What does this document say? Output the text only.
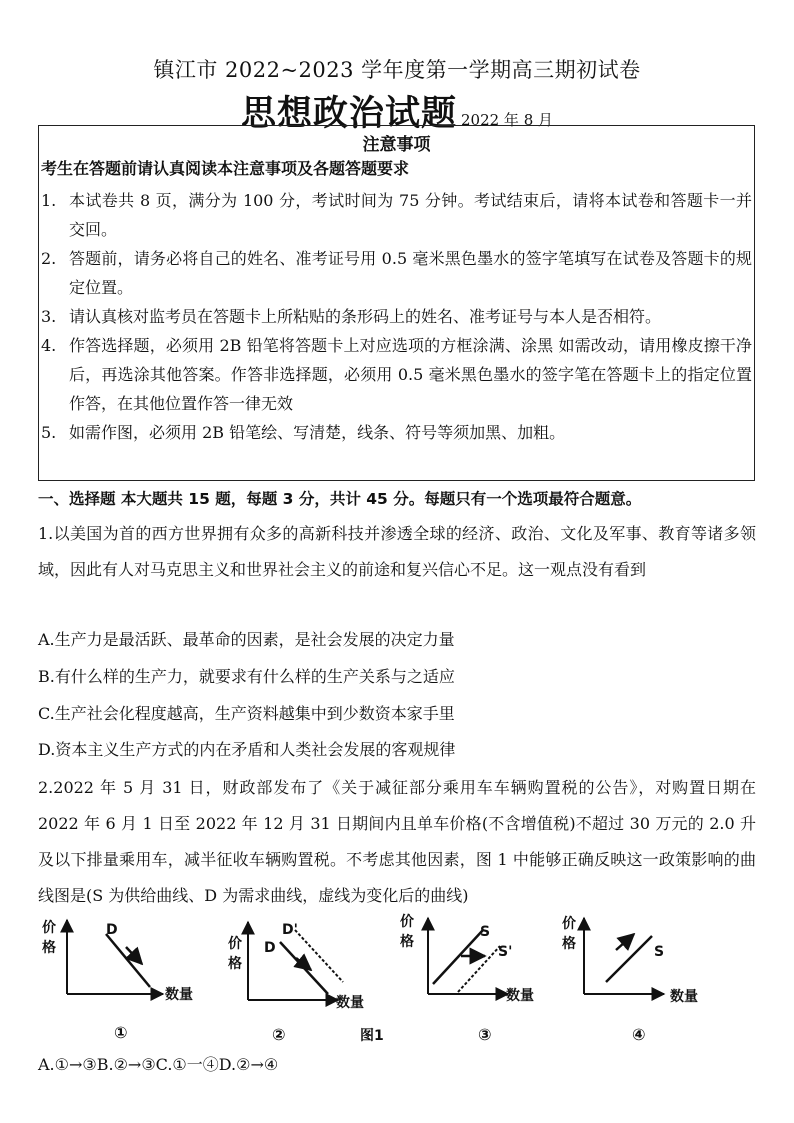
镇江市 2022~2023 学年度第一学期高三期初试卷
思想政治试题 2022 年 8 月
注意事项
考生在答题前请认真阅读本注意事项及各题答题要求
1. 本试卷共 8 页，满分为 100 分，考试时间为 75 分钟。考试结束后，请将本试卷和答题卡一并交回。
2. 答题前，请务必将自己的姓名、准考证号用 0.5 毫米黑色墨水的签字笔填写在试卷及答题卡的规定位置。
3. 请认真核对监考员在答题卡上所粘贴的条形码上的姓名、准考证号与本人是否相符。
4. 作答选择题，必须用 2B 铅笔将答题卡上对应选项的方框涂满、涂黑 如需改动，请用橡皮擦干净后，再选涂其他答案。作答非选择题，必须用 0.5 毫米黑色墨水的签字笔在答题卡上的指定位置作答，在其他位置作答一律无效
5. 如需作图，必须用 2B 铅笔绘、写清楚，线条、符号等须加黑、加粗。
一、选择题 本大题共 15 题，每题 3 分，共计 45 分。每题只有一个选项最符合题意。
1.以美国为首的西方世界拥有众多的高新科技并渗透全球的经济、政治、文化及军事、教育等诸多领域，因此有人对马克思主义和世界社会主义的前途和复兴信心不足。这一观点没有看到
A.生产力是最活跃、最革命的因素，是社会发展的决定力量
B.有什么样的生产力，就要求有什么样的生产关系与之适应
C.生产社会化程度越高，生产资料越集中到少数资本家手里
D.资本主义生产方式的内在矛盾和人类社会发展的客观规律
2.2022 年 5 月 31 日，财政部发布了《关于减征部分乘用车车辆购置税的公告》，对购置日期在 2022 年 6 月 1 日至 2022 年 12 月 31 日期间内且单车价格(不含增值税)不超过 30 万元的 2.0 升及以下排量乘用车，减半征收车辆购置税。不考虑其他因素，图 1 中能够正确反映这一政策影响的曲线图是(S 为供给曲线、D 为需求曲线，虚线为变化后的曲线)
价
格
D
数量
①
价
格
D'
D
数量
②	图1
价
格
S
S'
数量
③
价
格	S
数量
④
A.①→③B.②→③C.①一④D.②→④
